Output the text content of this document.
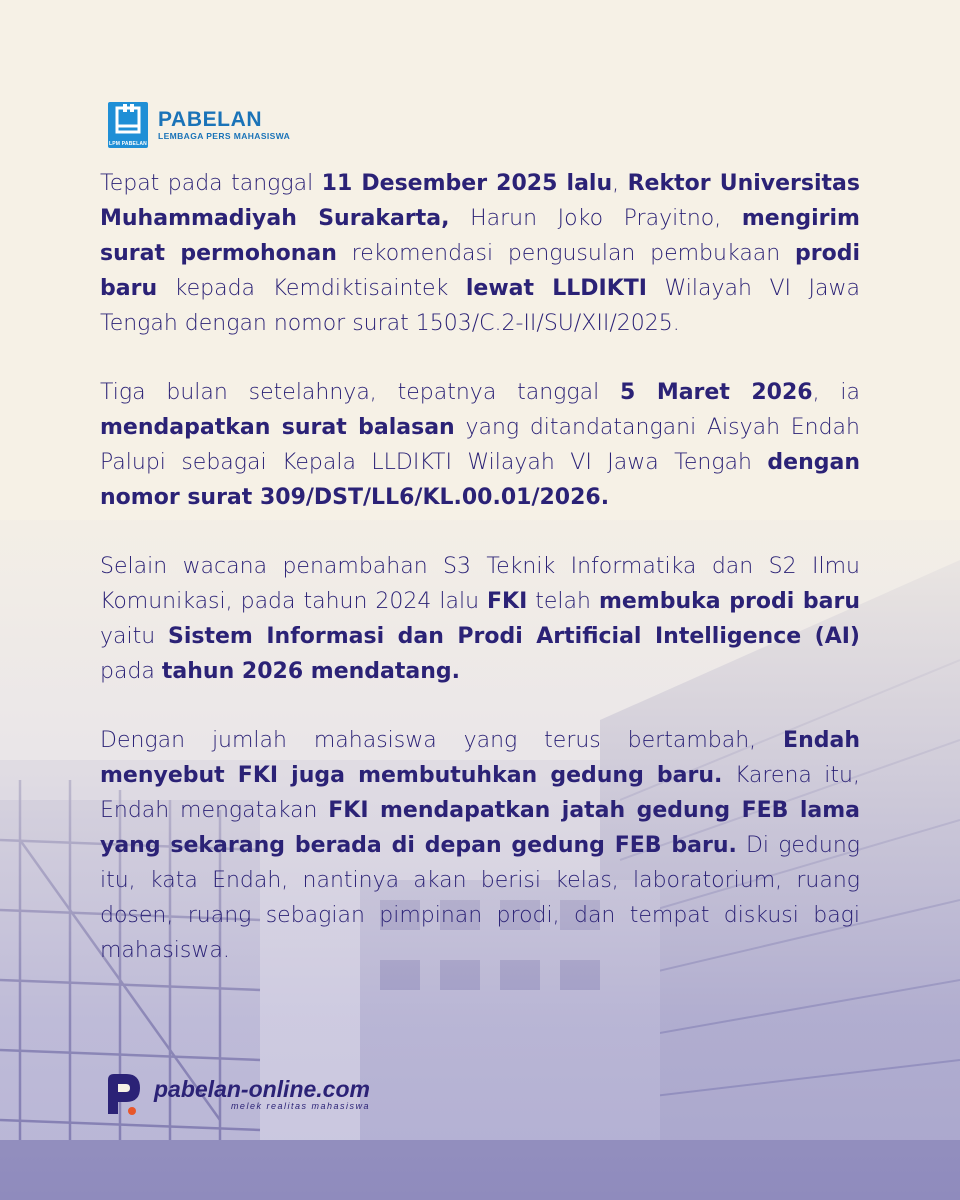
LPM PABELAN
PABELAN
LEMBAGA PERS MAHASISWA

Tepat pada tanggal 11 Desember 2025 lalu, Rektor Universitas Muhammadiyah Surakarta, Harun Joko Prayitno, mengirim surat permohonan rekomendasi pengusulan pembukaan prodi baru kepada Kemdiktisaintek lewat LLDIKTI Wilayah VI Jawa Tengah dengan nomor surat 1503/C.2-II/SU/XII/2025.

Tiga bulan setelahnya, tepatnya tanggal 5 Maret 2026, ia mendapatkan surat balasan yang ditandatangani Aisyah Endah Palupi sebagai Kepala LLDIKTI Wilayah VI Jawa Tengah dengan nomor surat 309/DST/LL6/KL.00.01/2026.

Selain wacana penambahan S3 Teknik Informatika dan S2 Ilmu Komunikasi, pada tahun 2024 lalu FKI telah membuka prodi baru yaitu Sistem Informasi dan Prodi Artificial Intelligence (AI) pada tahun 2026 mendatang.

Dengan jumlah mahasiswa yang terus bertambah, Endah menyebut FKI juga membutuhkan gedung baru. Karena itu, Endah mengatakan FKI mendapatkan jatah gedung FEB lama yang sekarang berada di depan gedung FEB baru. Di gedung itu, kata Endah, nantinya akan berisi kelas, laboratorium, ruang dosen, ruang sebagian pimpinan prodi, dan tempat diskusi bagi mahasiswa.

pabelan-online.com
melek realitas mahasiswa
